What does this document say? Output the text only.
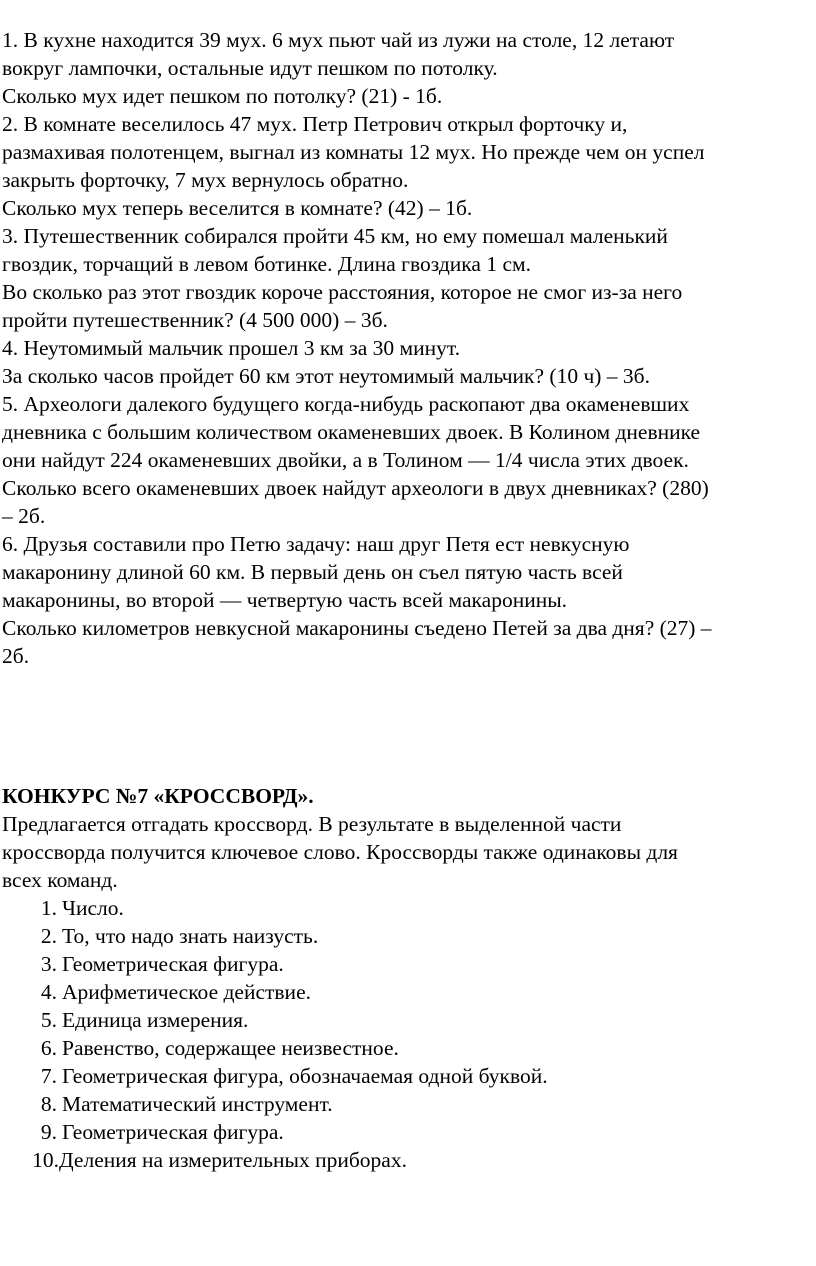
1. В кухне находится 39 мух. 6 мух пьют чай из лужи на столе, 12 летают
вокруг лампочки, остальные идут пешком по потолку.
Сколько мух идет пешком по потолку? (21) - 1б.
2. В комнате веселилось 47 мух. Петр Петрович открыл форточку и,
размахивая полотенцем, выгнал из комнаты 12 мух. Но прежде чем он успел
закрыть форточку, 7 мух вернулось обратно.
Сколько мух теперь веселится в комнате? (42) – 1б.
3. Путешественник собирался пройти 45 км, но ему помешал маленький
гвоздик, торчащий в левом ботинке. Длина гвоздика 1 см.
Во сколько раз этот гвоздик короче расстояния, которое не смог из-за него
пройти путешественник? (4 500 000) – 3б.
4. Неутомимый мальчик прошел 3 км за 30 минут.
За сколько часов пройдет 60 км этот неутомимый мальчик? (10 ч) – 3б.
5. Археологи далекого будущего когда-нибудь раскопают два окаменевших
дневника с большим количеством окаменевших двоек. В Колином дневнике
они найдут 224 окаменевших двойки, а в Толином — 1/4 числа этих двоек.
Сколько всего окаменевших двоек найдут археологи в двух дневниках? (280)
– 2б.
6. Друзья составили про Петю задачу: наш друг Петя ест невкусную
макаронину длиной 60 км. В первый день он съел пятую часть всей
макаронины, во второй — четвертую часть всей макаронины.
Сколько километров невкусной макаронины съедено Петей за два дня? (27) –
2б.
КОНКУРС №7 «КРОССВОРД».
Предлагается отгадать кроссворд. В результате в выделенной части
кроссворда получится ключевое слово. Кроссворды также одинаковы для
всех команд.
1. Число.
2. То, что надо знать наизусть.
3. Геометрическая фигура.
4. Арифметическое действие.
5. Единица измерения.
6. Равенство, содержащее неизвестное.
7. Геометрическая фигура, обозначаемая одной буквой.
8. Математический инструмент.
9. Геометрическая фигура.
10. Деления на измерительных приборах.
